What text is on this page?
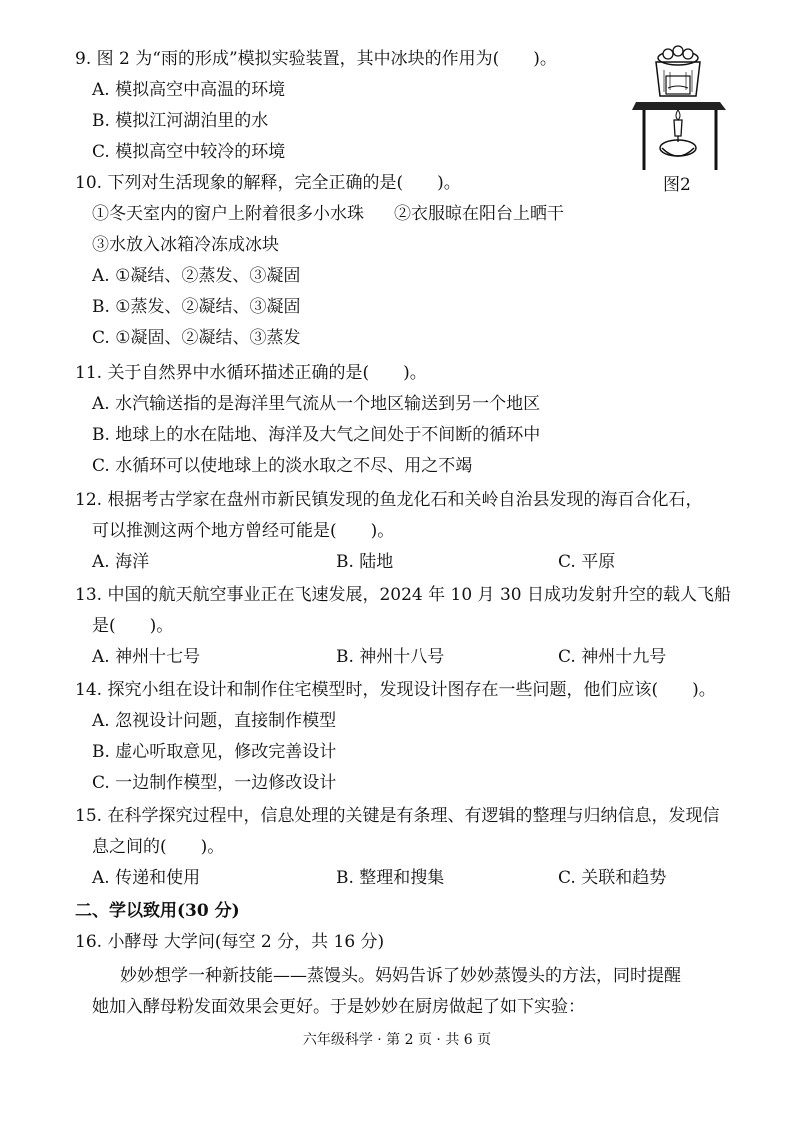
9. 图 2 为“雨的形成”模拟实验装置，其中冰块的作用为(　　)。
A. 模拟高空中高温的环境
B. 模拟江河湖泊里的水
C. 模拟高空中较冷的环境
图2
10. 下列对生活现象的解释，完全正确的是(　　)。
①冬天室内的窗户上附着很多小水珠 ②衣服晾在阳台上晒干
③水放入冰箱冷冻成冰块
A. ①凝结、②蒸发、③凝固
B. ①蒸发、②凝结、③凝固
C. ①凝固、②凝结、③蒸发
11. 关于自然界中水循环描述正确的是(　　)。
A. 水汽输送指的是海洋里气流从一个地区输送到另一个地区
B. 地球上的水在陆地、海洋及大气之间处于不间断的循环中
C. 水循环可以使地球上的淡水取之不尽、用之不竭
12. 根据考古学家在盘州市新民镇发现的鱼龙化石和关岭自治县发现的海百合化石，
可以推测这两个地方曾经可能是(　　)。
A. 海洋	B. 陆地	C. 平原
13. 中国的航天航空事业正在飞速发展，2024 年 10 月 30 日成功发射升空的载人飞船
是(　　)。
A. 神州十七号	B. 神州十八号	C. 神州十九号
14. 探究小组在设计和制作住宅模型时，发现设计图存在一些问题，他们应该(　　)。
A. 忽视设计问题，直接制作模型
B. 虚心听取意见，修改完善设计
C. 一边制作模型，一边修改设计
15. 在科学探究过程中，信息处理的关键是有条理、有逻辑的整理与归纳信息，发现信
息之间的(　　)。
A. 传递和使用	B. 整理和搜集	C. 关联和趋势
二、学以致用(30 分)
16. 小酵母 大学问(每空 2 分，共 16 分)
妙妙想学一种新技能——蒸馒头。妈妈告诉了妙妙蒸馒头的方法，同时提醒
她加入酵母粉发面效果会更好。于是妙妙在厨房做起了如下实验：
六年级科学 · 第 2 页 · 共 6 页
